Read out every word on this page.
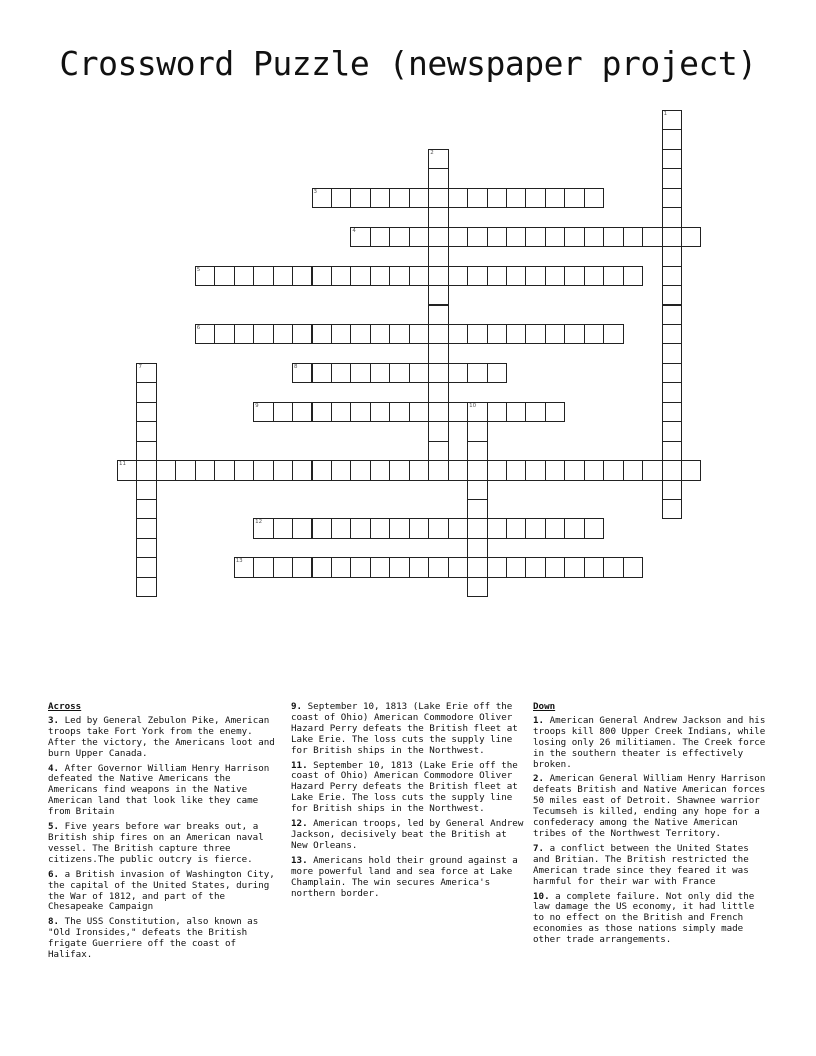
Crossword Puzzle (newspaper project)
1
2
3
4
5
6
7	8
9	10
11
12
13
Across
3. Led by General Zebulon Pike, American troops take Fort York from the enemy. After the victory, the Americans loot and burn Upper Canada.
4. After Governor William Henry Harrison defeated the Native Americans the Americans find weapons in the Native American land that look like they came from Britain
5. Five years before war breaks out, a British ship fires on an American naval vessel. The British capture three citizens.The public outcry is fierce.
6. a British invasion of Washington City, the capital of the United States, during the War of 1812, and part of the Chesapeake Campaign
8. The USS Constitution, also known as "Old Ironsides," defeats the British frigate Guerriere off the coast of Halifax.
9. September 10, 1813 (Lake Erie off the coast of Ohio) American Commodore Oliver Hazard Perry defeats the British fleet at Lake Erie. The loss cuts the supply line for British ships in the Northwest.
11. September 10, 1813 (Lake Erie off the coast of Ohio) American Commodore Oliver Hazard Perry defeats the British fleet at Lake Erie. The loss cuts the supply line for British ships in the Northwest.
12. American troops, led by General Andrew Jackson, decisively beat the British at New Orleans.
13. Americans hold their ground against a more powerful land and sea force at Lake Champlain. The win secures America's northern border.
Down
1. American General Andrew Jackson and his troops kill 800 Upper Creek Indians, while losing only 26 militiamen. The Creek force in the southern theater is effectively broken.
2. American General William Henry Harrison defeats British and Native American forces 50 miles east of Detroit. Shawnee warrior Tecumseh is killed, ending any hope for a confederacy among the Native American tribes of the Northwest Territory.
7. a conflict between the United States and Britian. The British restricted the American trade since they feared it was harmful for their war with France
10. a complete failure. Not only did the law damage the US economy, it had little to no effect on the British and French economies as those nations simply made other trade arrangements.
